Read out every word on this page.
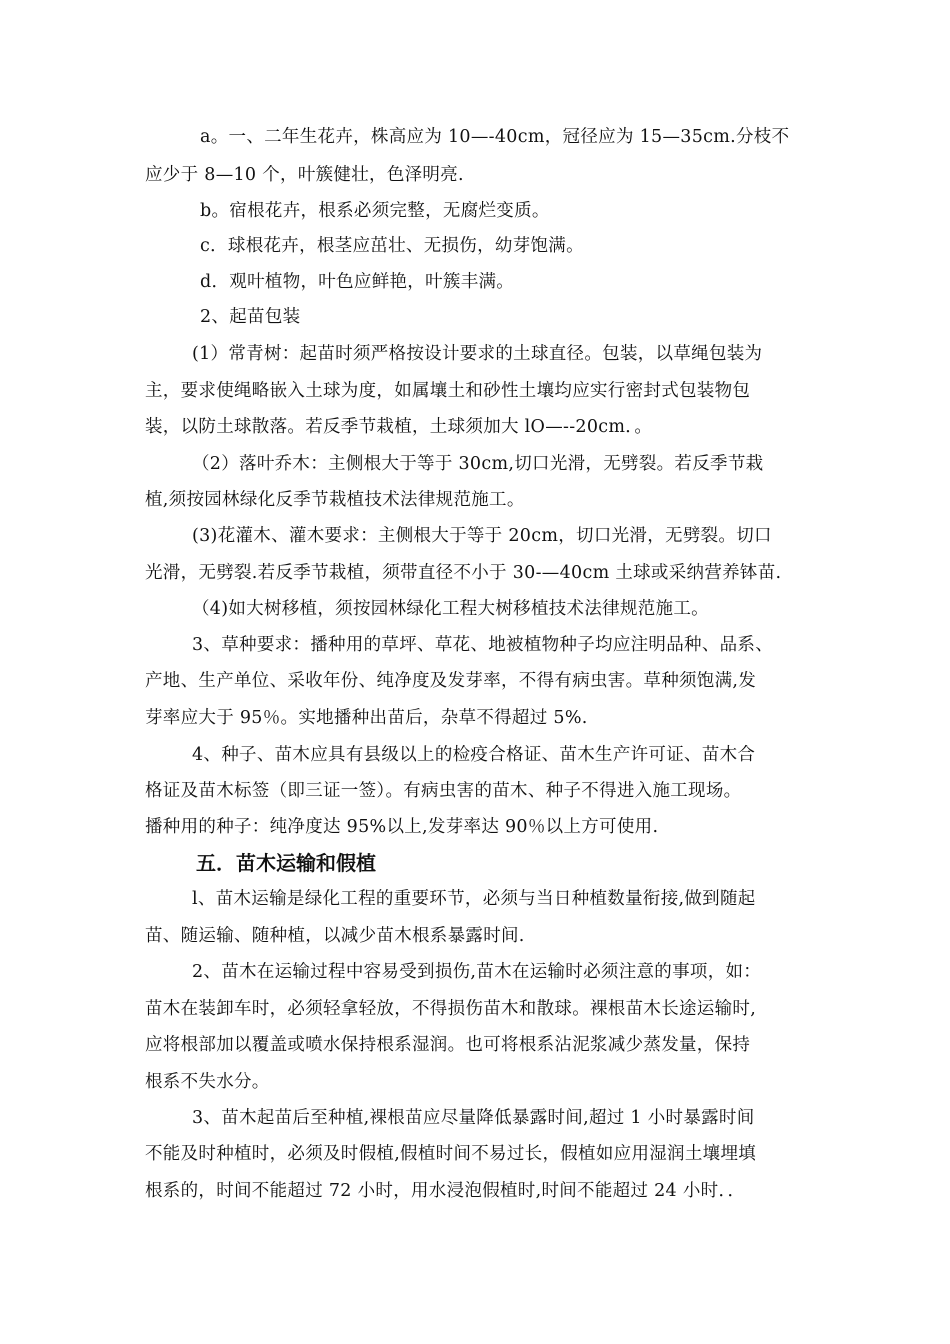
a。一、二年生花卉，株高应为 10—-40cm，冠径应为 15—35cm.分枝不
应少于 8—10 个，叶簇健壮，色泽明亮.
b。宿根花卉，根系必须完整，无腐烂变质。
c．球根花卉，根茎应茁壮、无损伤，幼芽饱满。
d．观叶植物，叶色应鲜艳，叶簇丰满。
2、起苗包装
(1）常青树：起苗时须严格按设计要求的土球直径。包装，以草绳包装为
主，要求使绳略嵌入土球为度，如属壤土和砂性土壤均应实行密封式包装物包
装，以防土球散落。若反季节栽植，土球须加大 lO—--20cm．。
（2）落叶乔木：主侧根大于等于 30cm,切口光滑，无劈裂。若反季节栽
植,须按园林绿化反季节栽植技术法律规范施工。
(3)花灌木、灌木要求：主侧根大于等于 20cm，切口光滑，无劈裂。切口
光滑，无劈裂.若反季节栽植，须带直径不小于 30-—40cm 土球或采纳营养钵苗.
（4)如大树移植，须按园林绿化工程大树移植技术法律规范施工。
3、草种要求：播种用的草坪、草花、地被植物种子均应注明品种、品系、
产地、生产单位、采收年份、纯净度及发芽率，不得有病虫害。草种须饱满,发
芽率应大于 95％。实地播种出苗后，杂草不得超过 5%.
4、种子、苗木应具有县级以上的检疫合格证、苗木生产许可证、苗木合
格证及苗木标签（即三证一签）。有病虫害的苗木、种子不得进入施工现场。
播种用的种子：纯净度达 95%以上,发芽率达 90％以上方可使用.
五．苗木运输和假植
l、苗木运输是绿化工程的重要环节，必须与当日种植数量衔接,做到随起
苗、随运输、随种植，以减少苗木根系暴露时间.
2、苗木在运输过程中容易受到损伤,苗木在运输时必须注意的事项，如：
苗木在装卸车时，必须轻拿轻放，不得损伤苗木和散球。裸根苗木长途运输时,
应将根部加以覆盖或喷水保持根系湿润。也可将根系沾泥浆减少蒸发量，保持
根系不失水分。
3、苗木起苗后至种植,裸根苗应尽量降低暴露时间,超过 1 小时暴露时间
不能及时种植时，必须及时假植,假植时间不易过长，假植如应用湿润土壤埋填
根系的，时间不能超过 72 小时，用水浸泡假植时,时间不能超过 24 小时．．
